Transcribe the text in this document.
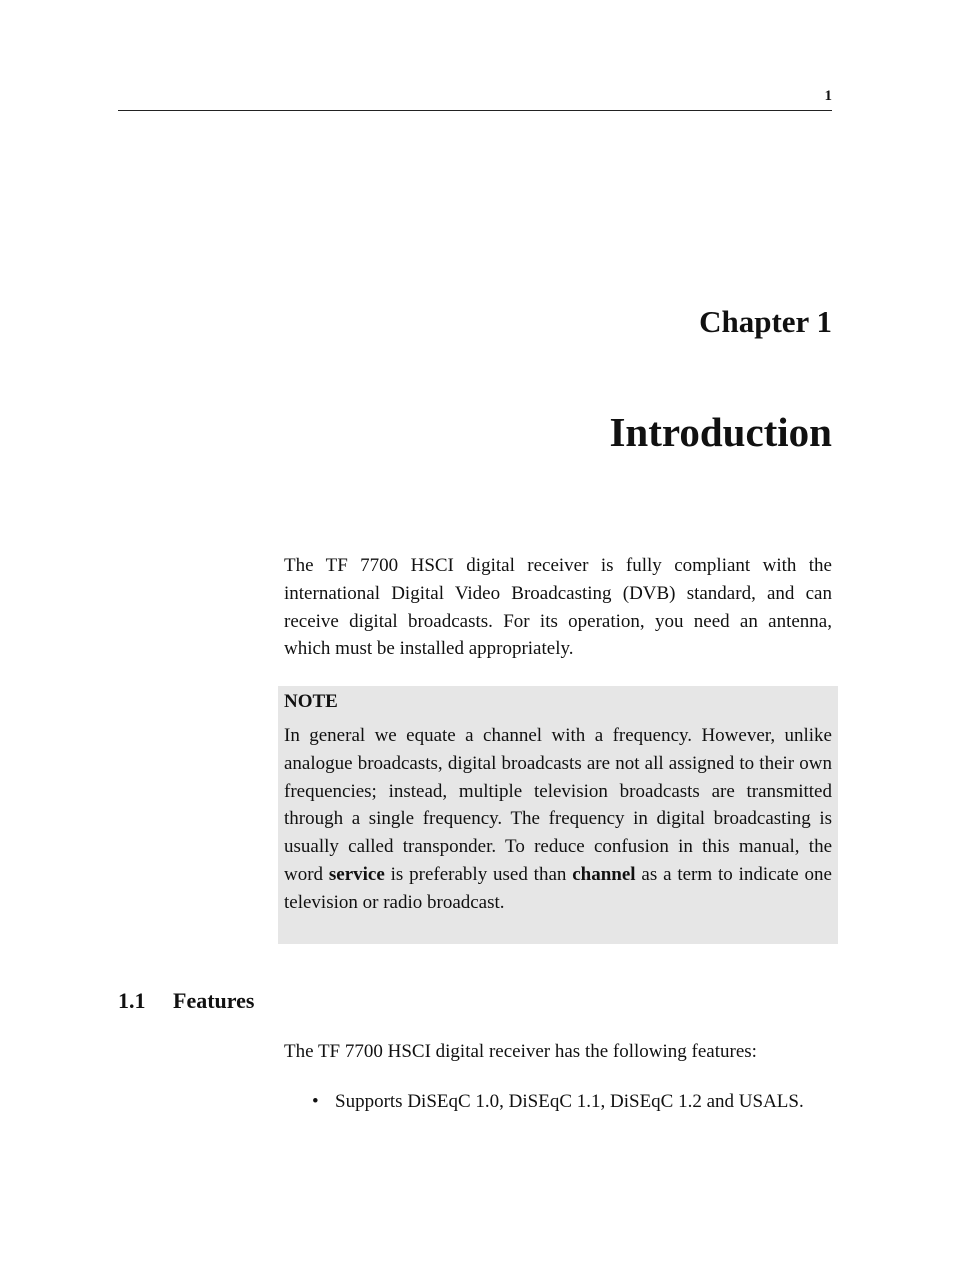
1
Chapter 1
Introduction

The TF 7700 HSCI digital receiver is fully compliant with the international Digital Video Broadcasting (DVB) standard, and can receive digital broadcasts. For its operation, you need an antenna, which must be installed appropriately.

NOTE

In general we equate a channel with a frequency. However, unlike analogue broadcasts, digital broadcasts are not all assigned to their own frequencies; instead, multiple television broadcasts are transmitted through a single frequency. The frequency in digital broadcasting is usually called transponder. To reduce confusion in this manual, the word service is preferably used than channel as a term to indicate one television or radio broadcast.

1.1 Features

The TF 7700 HSCI digital receiver has the following features:

• Supports DiSEqC 1.0, DiSEqC 1.1, DiSEqC 1.2 and USALS.
